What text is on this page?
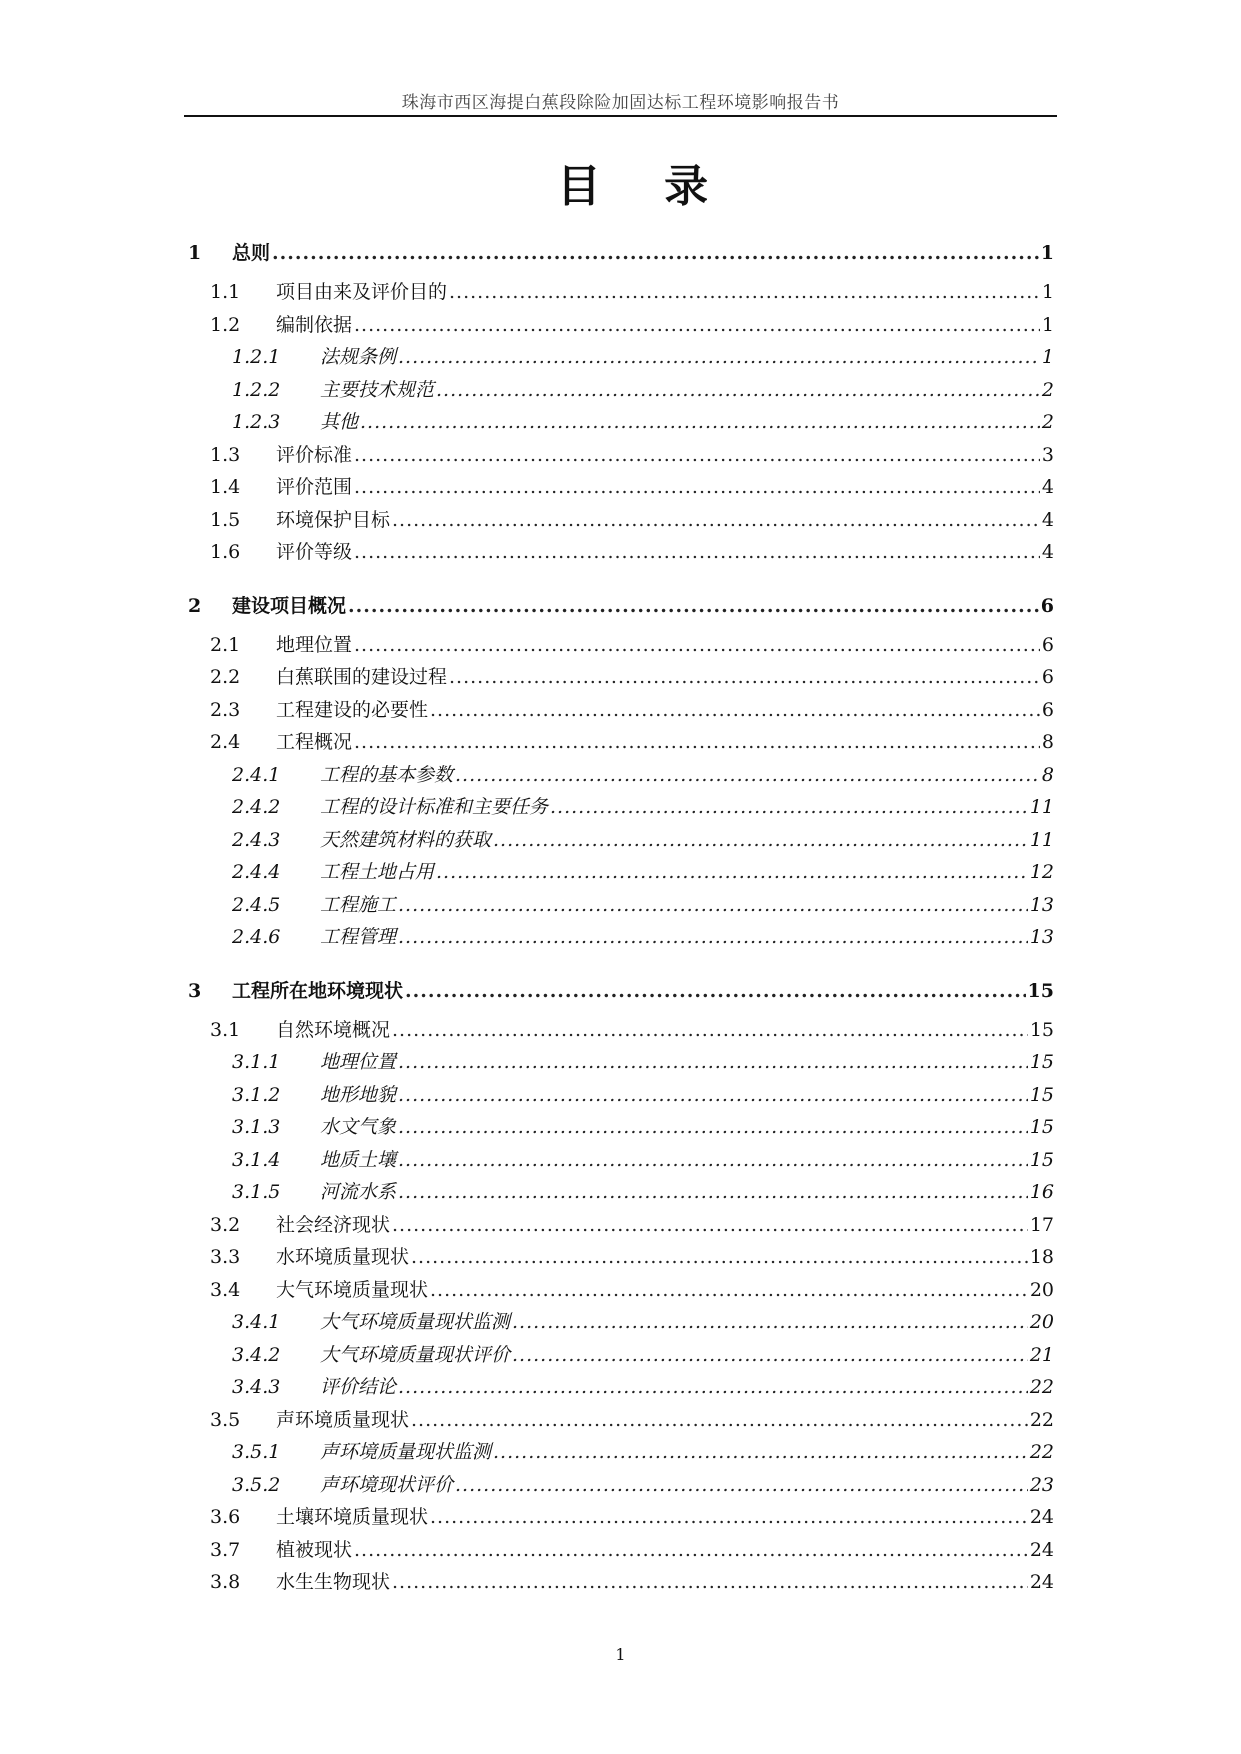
珠海市西区海提白蕉段除险加固达标工程环境影响报告书
目 录
1	总则 .....	1
1.1	项目由来及评价目的 .....	1
1.2	编制依据 .....	1
1.2.1	法规条例 .....	1
1.2.2	主要技术规范 .....	2
1.2.3	其他 .....	2
1.3	评价标准 .....	3
1.4	评价范围 .....	4
1.5	环境保护目标 .....	4
1.6	评价等级 .....	4
2	建设项目概况 .....	6
2.1	地理位置 .....	6
2.2	白蕉联围的建设过程 .....	6
2.3	工程建设的必要性 .....	6
2.4	工程概况 .....	8
2.4.1	工程的基本参数 .....	8
2.4.2	工程的设计标准和主要任务 .....	11
2.4.3	天然建筑材料的获取 .....	11
2.4.4	工程土地占用 .....	12
2.4.5	工程施工 .....	13
2.4.6	工程管理 .....	13
3	工程所在地环境现状 .....	15
3.1	自然环境概况 .....	15
3.1.1	地理位置 .....	15
3.1.2	地形地貌 .....	15
3.1.3	水文气象 .....	15
3.1.4	地质土壤 .....	15
3.1.5	河流水系 .....	16
3.2	社会经济现状 .....	17
3.3	水环境质量现状 .....	18
3.4	大气环境质量现状 .....	20
3.4.1	大气环境质量现状监测 .....	20
3.4.2	大气环境质量现状评价 .....	21
3.4.3	评价结论 .....	22
3.5	声环境质量现状 .....	22
3.5.1	声环境质量现状监测 .....	22
3.5.2	声环境现状评价 .....	23
3.6	土壤环境质量现状 .....	24
3.7	植被现状 .....	24
3.8	水生生物现状 .....	24
1
